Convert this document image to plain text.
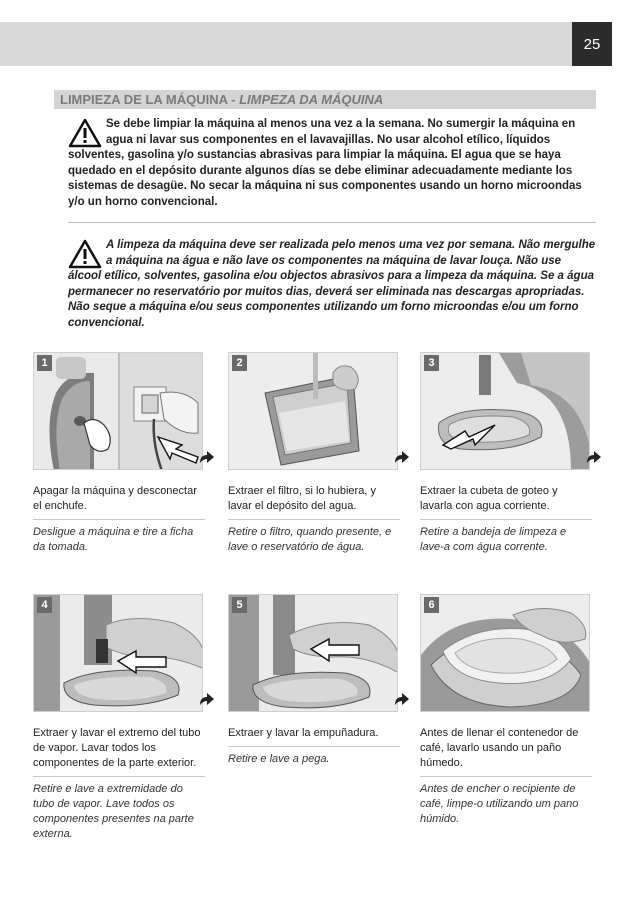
25
LIMPIEZA DE LA MÁQUINA - LIMPEZA DA MÁQUINA
Se debe limpiar la máquina al menos una vez a la semana. No sumergir la máquina en agua ni lavar sus componentes en el lavavajillas. No usar alcohol etílico, líquidos solventes, gasolina y/o sustancias abrasivas para limpiar la máquina. El agua que se haya quedado en el depósito durante algunos días se debe eliminar adecuadamente mediante los sistemas de desagüe. No secar la máquina ni sus componentes usando un horno microondas y/o un horno convencional.
A limpeza da máquina deve ser realizada pelo menos uma vez por semana. Não mergulhe a máquina na água e não lave os componentes na máquina de lavar louça. Não use álcool etílico, solventes, gasolina e/ou objectos abrasivos para a limpeza da máquina. Se a água permanecer no reservatório por muitos dias, deverá ser eliminada nas descargas apropriadas. Não seque a máquina e/ou seus componentes utilizando um forno microondas e/ou um forno convencional.
1
Apagar la máquina y desconectar el enchufe.
Desligue a máquina e tire a ficha da tomada.
2
Extraer el filtro, si lo hubiera, y lavar el depósito del agua.
Retire o filtro, quando presente, e lave o reservatório de água.
3
Extraer la cubeta de goteo y lavarla con agua corriente.
Retire a bandeja de limpeza e lave-a com água corrente.
4
Extraer y lavar el extremo del tubo de vapor. Lavar todos los componentes de la parte exterior.
Retire e lave a extremidade do tubo de vapor. Lave todos os componentes presentes na parte externa.
5
Extraer y lavar la empuñadura.
Retire e lave a pega.
6
Antes de llenar el contenedor de café, lavarlo usando un paño húmedo.
Antes de encher o recipiente de café, limpe-o utilizando um pano húmido.
